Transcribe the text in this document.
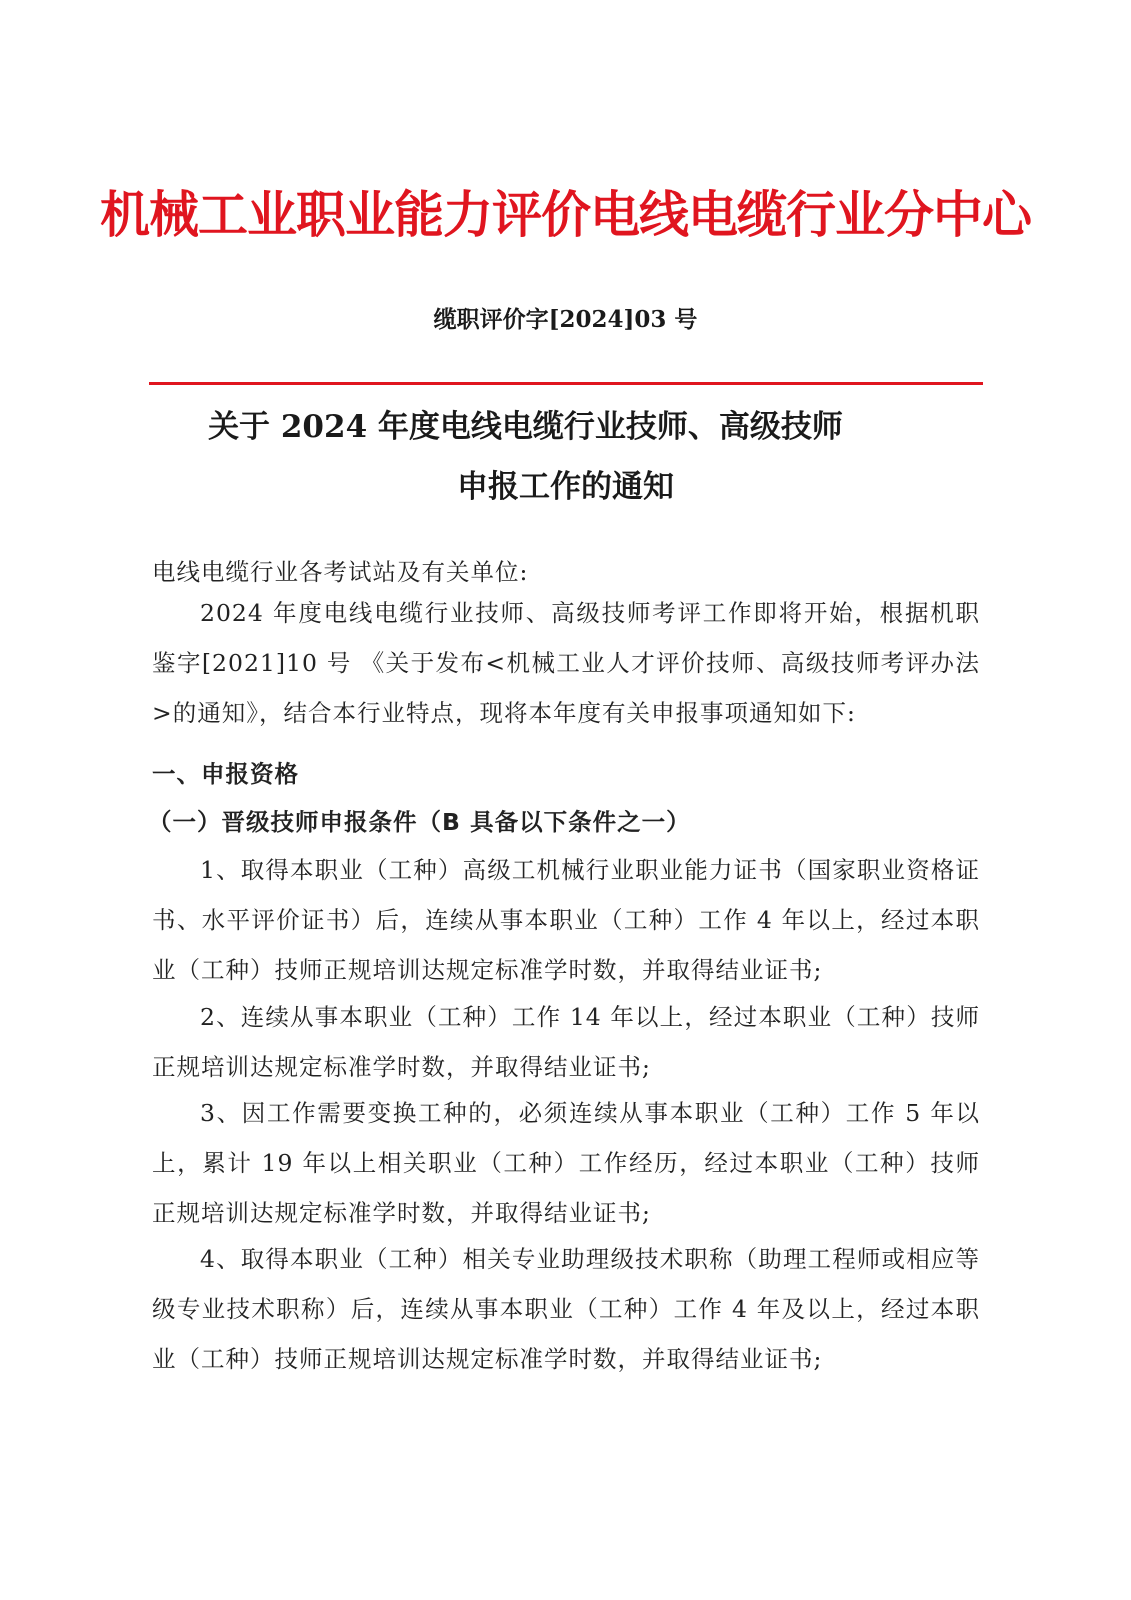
机械工业职业能力评价电线电缆行业分中心
缆职评价字[2024]03 号
关于 2024 年度电线电缆行业技师、高级技师
申报工作的通知

电线电缆行业各考试站及有关单位:

2024 年度电线电缆行业技师、高级技师考评工作即将开始，根据机职鉴字[2021]10 号 《关于发布<机械工业人才评价技师、高级技师考评办法>的通知》，结合本行业特点，现将本年度有关申报事项通知如下:

一、申报资格

（一）晋级技师申报条件（B 具备以下条件之一）

1、取得本职业（工种）高级工机械行业职业能力证书（国家职业资格证书、水平评价证书）后，连续从事本职业（工种）工作 4 年以上，经过本职业（工种）技师正规培训达规定标准学时数，并取得结业证书;

2、连续从事本职业（工种）工作 14 年以上，经过本职业（工种）技师正规培训达规定标准学时数，并取得结业证书;

3、因工作需要变换工种的，必须连续从事本职业（工种）工作 5 年以上，累计 19 年以上相关职业（工种）工作经历，经过本职业（工种）技师正规培训达规定标准学时数，并取得结业证书;

4、取得本职业（工种）相关专业助理级技术职称（助理工程师或相应等级专业技术职称）后，连续从事本职业（工种）工作 4 年及以上，经过本职业（工种）技师正规培训达规定标准学时数，并取得结业证书;
